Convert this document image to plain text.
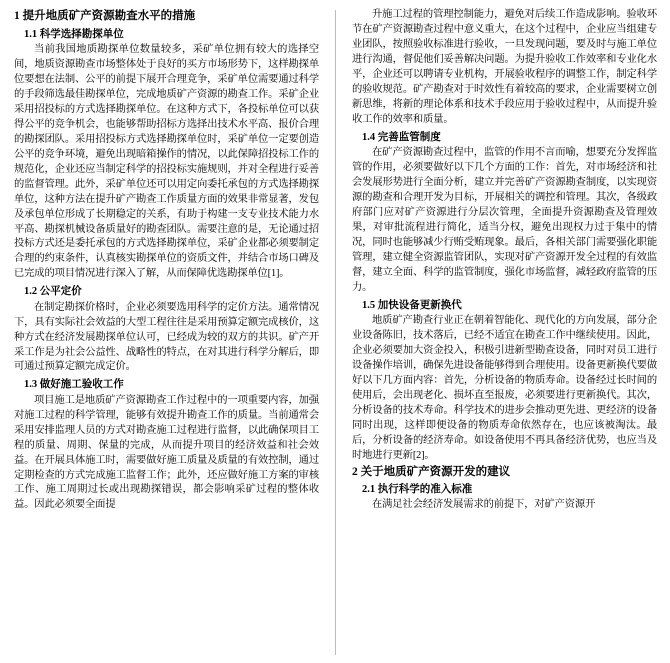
1 提升地质矿产资源勘查水平的措施
1.1 科学选择勘探单位

当前我国地质勘探单位数量较多，采矿单位拥有较大的选择空间，地质资源勘查市场整体处于良好的买方市场形势下，这样勘探单位要想在法制、公平的前提下展开合理竞争，采矿单位需要通过科学的手段筛选最佳勘探单位，完成地质矿产资源的勘查工作。采矿企业采用招投标的方式选择勘探单位。在这种方式下，各投标单位可以获得公平的竞争机会，也能够帮助招标方选择出技术水平高、报价合理的勘探团队。采用招投标方式选择勘探单位时，采矿单位一定要创造公平的竞争环境，避免出现暗箱操作的情况，以此保障招投标工作的规范化，企业还应当制定科学的招投标实施规则，并对全程进行妥善的监督管理。此外，采矿单位还可以用定向委托承包的方式选择勘探单位，这种方法在提升矿产勘查工作质量方面的效果非常显著，发包及承包单位形成了长期稳定的关系，有助于构建一支专业技术能力水平高、勘探机械设备质量好的勘查团队。需要注意的是，无论通过招投标方式还是委托承包的方式选择勘探单位，采矿企业都必须要制定合理的约束条件，认真核实勘探单位的资质文件，并结合市场口碑及已完成的项目情况进行深入了解，从而保障优选勘探单位[1]。

1.2 公平定价

在制定勘探价格时，企业必须要选用科学的定价方法。通常情况下，具有实际社会效益的大型工程往往是采用预算定额完成核价，这种方式在经济发展勘探单位认可，已经成为较的双方的共识。矿产开采工作是为社会公益性、战略性的特点，在对其进行科学分解后，即可通过预算定额完成定价。

1.3 做好施工验收工作

项目施工是地质矿产资源勘查工作过程中的一项重要内容，加强对施工过程的科学管理，能够有效提升勘查工作的质量。当前通常会采用安排监理人员的方式对勘查施工过程进行监督，以此确保项目工程的质量、周期、保量的完成，从而提升项目的经济效益和社会效益。在开展具体施工时，需要做好施工质量及质量的有效控制，通过定期检查的方式完成施工监督工作；此外，还应做好施工方案的审核工作、施工周期过长或出现勘探错误，都会影响采矿过程的整体收益。因此必须要全面提

升施工过程的管理控制能力，避免对后续工作造成影响。验收环节在矿产资源勘查过程中意义重大，在这个过程中，企业应当组建专业团队，按照验收标准进行验收，一旦发现问题，要及时与施工单位进行沟通，督促他们妥善解决问题。为提升验收工作效率和专业化水平，企业还可以聘请专业机构，开展验收程序的调整工作，制定科学的验收规范。矿产勘查对于时效性有着较高的要求，企业需要树立创新思维，将新的理论体系和技术手段应用于验收过程中，从而提升验收工作的效率和质量。

1.4 完善监管制度

在矿产资源勘查过程中，监管的作用不言而喻，想要充分发挥监管的作用，必须要做好以下几个方面的工作：首先，对市场经济和社会发展形势进行全面分析，建立并完善矿产资源勘查制度，以实现资源的勘查和合理开发为目标，开展相关的调控和管理。其次，各级政府部门应对矿产资源进行分层次管理，全面提升资源勘查及管理效果，对审批流程进行简化，适当分权，避免出现权力过于集中的情况，同时也能够减少行贿受贿现象。最后，各相关部门需要强化职能管理，建立健全资源监管团队，实现对矿产资源开发全过程的有效监督，建立全面、科学的监管制度，强化市场监督，减轻政府监管的压力。

1.5 加快设备更新换代

地质矿产勘查行业正在朝着智能化、现代化的方向发展，部分企业设备陈旧，技术落后，已经不适宜在勘查工作中继续使用。因此，企业必须要加大资金投入，积极引进新型勘查设备，同时对员工进行设备操作培训，确保先进设备能够得到合理使用。设备更新换代要做好以下几方面内容：首先，分析设备的物质寿命。设备经过长时间的使用后，会出现老化、损坏直至报废，必须要进行更新换代。其次，分析设备的技术寿命。科学技术的进步会推动更先进、更经济的设备同时出现，这样即便设备的物质寿命依然存在，也应该被淘汰。最后，分析设备的经济寿命。如设备使用不再具备经济优势，也应当及时地进行更新[2]。

2 关于地质矿产资源开发的建议
2.1 执行科学的准入标准

在满足社会经济发展需求的前提下，对矿产资源开
